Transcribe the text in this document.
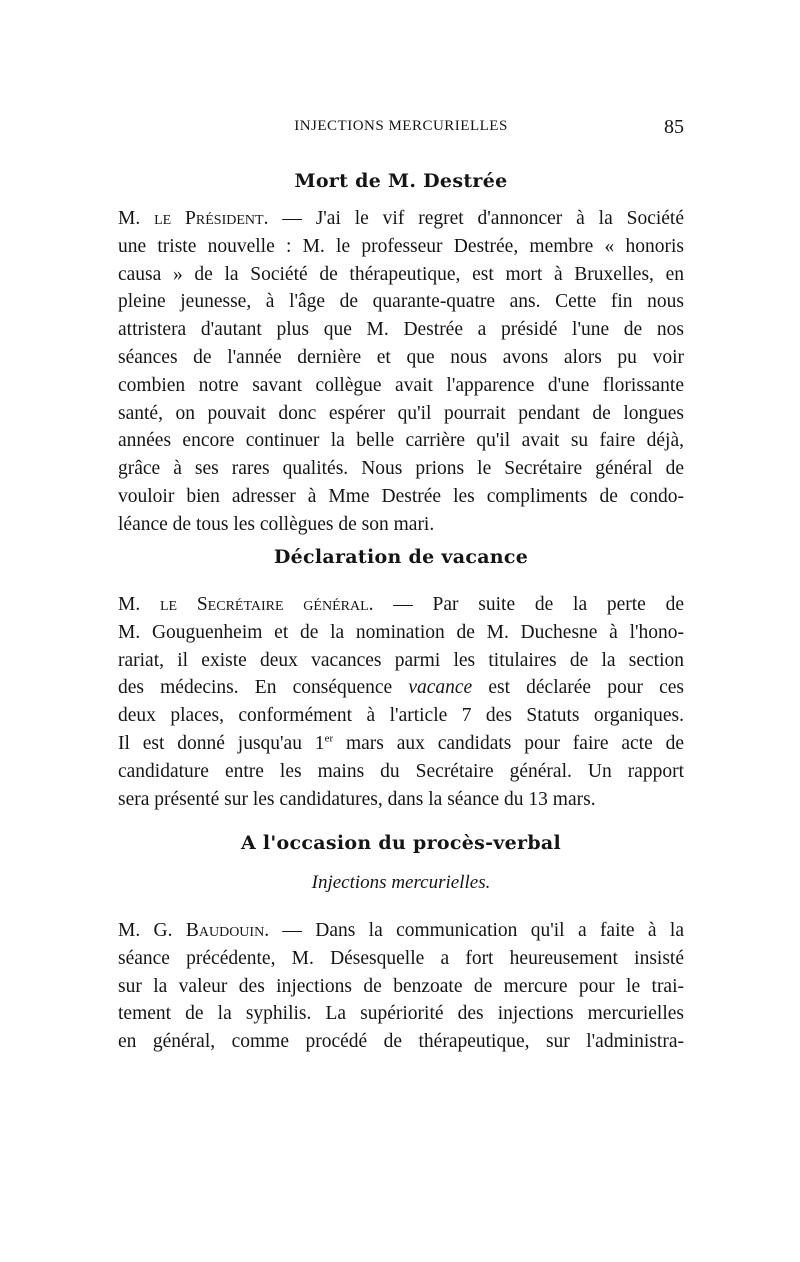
INJECTIONS MERCURIELLES	85
Mort de M. Destrée
M. le Président. — J'ai le vif regret d'annoncer à la Société
une triste nouvelle : M. le professeur Destrée, membre « honoris
causa » de la Société de thérapeutique, est mort à Bruxelles, en
pleine jeunesse, à l'âge de quarante-quatre ans. Cette fin nous
attristera d'autant plus que M. Destrée a présidé l'une de nos
séances de l'année dernière et que nous avons alors pu voir
combien notre savant collègue avait l'apparence d'une florissante
santé, on pouvait donc espérer qu'il pourrait pendant de longues
années encore continuer la belle carrière qu'il avait su faire déjà,
grâce à ses rares qualités. Nous prions le Secrétaire général de
vouloir bien adresser à Mme Destrée les compliments de condo-
léance de tous les collègues de son mari.
Déclaration de vacance
M. le Secrétaire général. — Par suite de la perte de
M. Gouguenheim et de la nomination de M. Duchesne à l'hono-
rariat, il existe deux vacances parmi les titulaires de la section
des médecins. En conséquence vacance est déclarée pour ces
deux places, conformément à l'article 7 des Statuts organiques.
Il est donné jusqu'au 1er mars aux candidats pour faire acte de
candidature entre les mains du Secrétaire général. Un rapport
sera présenté sur les candidatures, dans la séance du 13 mars.
A l'occasion du procès-verbal
Injections mercurielles.
M. G. Baudouin. — Dans la communication qu'il a faite à la
séance précédente, M. Désesquelle a fort heureusement insisté
sur la valeur des injections de benzoate de mercure pour le trai-
tement de la syphilis. La supériorité des injections mercurielles
en général, comme procédé de thérapeutique, sur l'administra-
